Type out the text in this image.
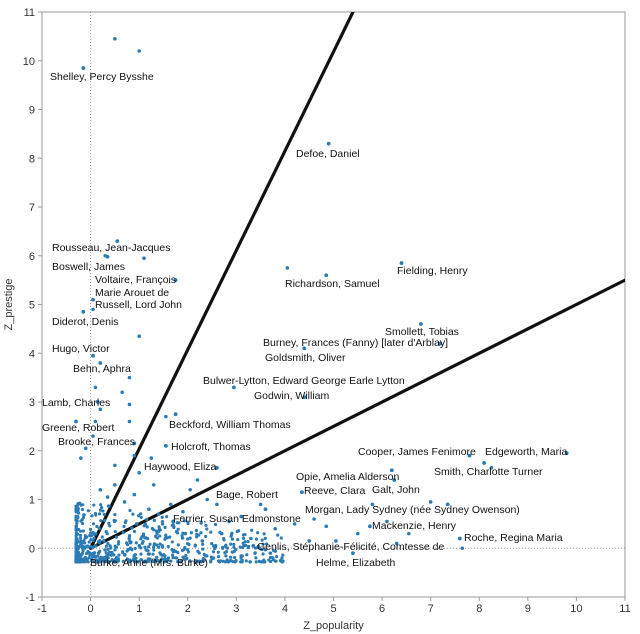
Shelley, Percy Bysshe
Defoe, Daniel
Rousseau, Jean-Jacques
Boswell, James
Voltaire, François Marie Arouet de
Russell, Lord John
Diderot, Denis
Fielding, Henry
Richardson, Samuel
Smollett, Tobias
Burney, Frances (Fanny) [later d'Arblay]
Goldsmith, Oliver
Hugo, Victor
Behn, Aphra
Bulwer-Lytton, Edward George Earle Lytton
Godwin, William
Lamb, Charles
Greene, Robert	Beckford, William Thomas
Brooke, Frances	Holcroft, Thomas
Haywood, Eliza
Cooper, James Fenimore Edgeworth, Maria
Smith, Charlotte Turner
Opie, Amelia Alderson
Reeve, Clara Galt, John
Bage, Robert
Morgan, Lady Sydney (née Sydney Owenson)
Ferrier, Susan Edmonstone
Mackenzie, Henry
Roche, Regina Maria
Genlis, Stéphanie-Félicité, Comtesse de
Helme, Elizabeth
Burke, Anne (Mrs. Burke)
-1	0	1	2	3	4	5	6	7	8	9	10	11
-1
0
1
2
3
4
5
6
7
8
9
10
11
Z_popularity
Z_prestige
